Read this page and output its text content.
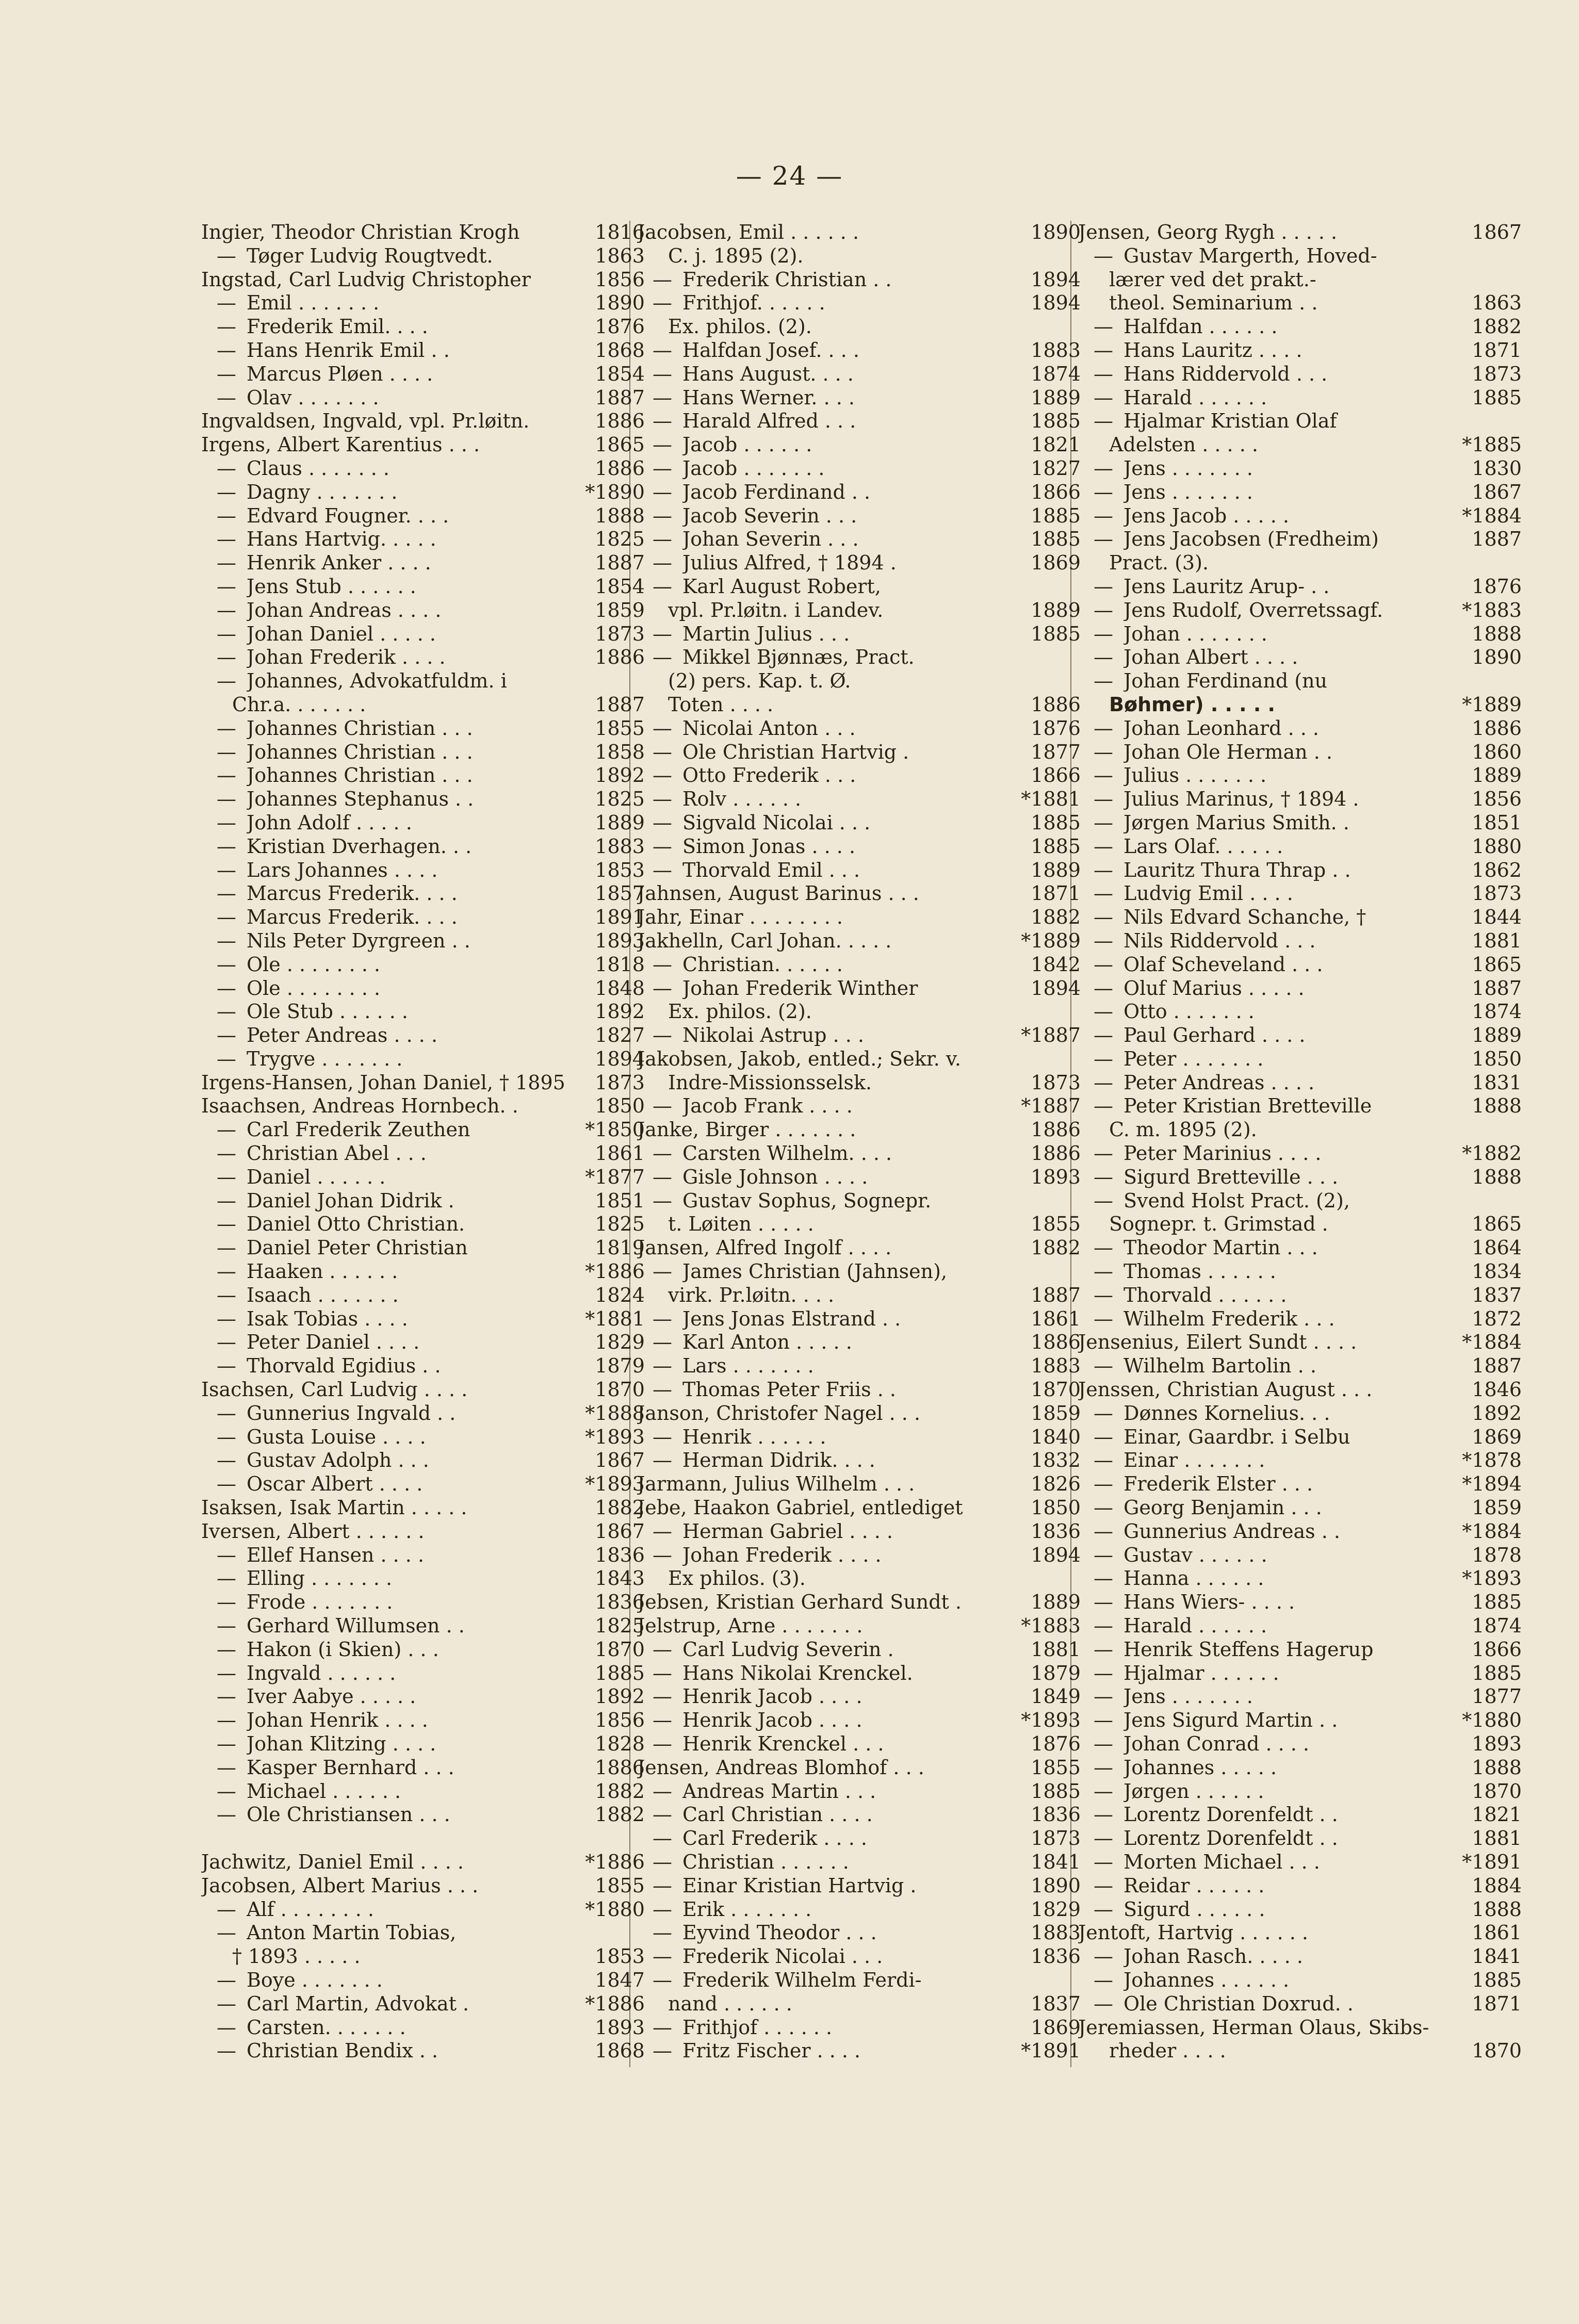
— 24 —
Ingier, Theodor Christian Krogh	1816
— Tøger Ludvig Rougtvedt.	1863
Ingstad, Carl Ludvig Christopher	1856
— Emil . . . . . . .	1890
— Frederik Emil. . . .	1876
— Hans Henrik Emil . .	1868
— Marcus Pløen . . . .	1854
— Olav . . . . . . .	1887
Ingvaldsen, Ingvald, vpl. Pr.løitn.	1886
Irgens, Albert Karentius . . .	1865
— Claus . . . . . . .	1886
— Dagny . . . . . . .	*1890
— Edvard Fougner. . . .	1888
— Hans Hartvig. . . . .	1825
— Henrik Anker . . . .	1887
— Jens Stub . . . . . .	1854
— Johan Andreas . . . .	1859
— Johan Daniel . . . . .	1873
— Johan Frederik . . . .	1886
— Johannes, Advokatfuldm. i
Chr.a. . . . . . .	1887
— Johannes Christian . . .	1855
— Johannes Christian . . .	1858
— Johannes Christian . . .	1892
— Johannes Stephanus . .	1825
— John Adolf . . . . .	1889
— Kristian Dverhagen. . .	1883
— Lars Johannes . . . .	1853
— Marcus Frederik. . . .	1857
— Marcus Frederik. . . .	1891
— Nils Peter Dyrgreen . .	1893
— Ole . . . . . . . .	1818
— Ole . . . . . . . .	1848
— Ole Stub . . . . . .	1892
— Peter Andreas . . . .	1827
— Trygve . . . . . . .	1894
Irgens-Hansen, Johan Daniel, † 1895	1873
Isaachsen, Andreas Hornbech. .	1850
— Carl Frederik Zeuthen	*1850
— Christian Abel . . .	1861
— Daniel . . . . . .	*1877
— Daniel Johan Didrik .	1851
— Daniel Otto Christian.	1825
— Daniel Peter Christian	1819
— Haaken . . . . . .	*1886
— Isaach . . . . . . .	1824
— Isak Tobias . . . .	*1881
— Peter Daniel . . . .	1829
— Thorvald Egidius . .	1879
Isachsen, Carl Ludvig . . . .	1870
— Gunnerius Ingvald . .	*1888
— Gusta Louise . . . .	*1893
— Gustav Adolph . . .	1867
— Oscar Albert . . . .	*1893
Isaksen, Isak Martin . . . . .	1882
Iversen, Albert . . . . . .	1867
— Ellef Hansen . . . .	1836
— Elling . . . . . . .	1843
— Frode . . . . . . .	1836
— Gerhard Willumsen . .	1825
— Hakon (i Skien) . . .	1870
— Ingvald . . . . . .	1885
— Iver Aabye . . . . .	1892
— Johan Henrik . . . .	1856
— Johan Klitzing . . . .	1828
— Kasper Bernhard . . .	1886
— Michael . . . . . .	1882
— Ole Christiansen . . .	1882
Jachwitz, Daniel Emil . . . .	*1886
Jacobsen, Albert Marius . . .	1855
— Alf . . . . . . . .	*1880
— Anton Martin Tobias,
† 1893 . . . . .	1853
— Boye . . . . . . .	1847
— Carl Martin, Advokat .	*1886
— Carsten. . . . . . .	1893
— Christian Bendix . .	1868
Jacobsen, Emil . . . . . .	1890
C. j. 1895 (2).
— Frederik Christian . .	1894
— Frithjof. . . . . .	1894
Ex. philos. (2).
— Halfdan Josef. . . .	1883
— Hans August. . . .	1874
— Hans Werner. . . .	1889
— Harald Alfred . . .	1885
— Jacob . . . . . .	1821
— Jacob . . . . . . .	1827
— Jacob Ferdinand . .	1866
— Jacob Severin . . .	1885
— Johan Severin . . .	1885
— Julius Alfred, † 1894 .	1869
— Karl August Robert,
vpl. Pr.løitn. i Landev.	1889
— Martin Julius . . .	1885
— Mikkel Bjønnæs, Pract.
(2) pers. Kap. t. Ø.
Toten . . . .	1886
— Nicolai Anton . . .	1876
— Ole Christian Hartvig .	1877
— Otto Frederik . . .	1866
— Rolv . . . . . .	*1881
— Sigvald Nicolai . . .	1885
— Simon Jonas . . . .	1885
— Thorvald Emil . . .	1889
Jahnsen, August Barinus . . .	1871
Jahr, Einar . . . . . . . .	1882
Jakhelln, Carl Johan. . . . .	*1889
— Christian. . . . . .	1842
— Johan Frederik Winther	1894
Ex. philos. (2).
— Nikolai Astrup . . .	*1887
Jakobsen, Jakob, entled.; Sekr. v.
Indre-Missionsselsk.	1873
— Jacob Frank . . . .	*1887
Janke, Birger . . . . . . .	1886
— Carsten Wilhelm. . . .	1886
— Gisle Johnson . . . .	1893
— Gustav Sophus, Sognepr.
t. Løiten . . . . .	1855
Jansen, Alfred Ingolf . . . .	1882
— James Christian (Jahnsen),
virk. Pr.løitn. . . .	1887
— Jens Jonas Elstrand . .	1861
— Karl Anton . . . . .	1886
— Lars . . . . . . .	1883
— Thomas Peter Friis . .	1870
Janson, Christofer Nagel . . .	1859
— Henrik . . . . . .	1840
— Herman Didrik. . . .	1832
Jarmann, Julius Wilhelm . . .	1826
Jebe, Haakon Gabriel, entlediget	1850
— Herman Gabriel . . . .	1836
— Johan Frederik . . . .	1894
Ex philos. (3).
Jebsen, Kristian Gerhard Sundt .	1889
Jelstrup, Arne . . . . . . .	*1883
— Carl Ludvig Severin .	1881
— Hans Nikolai Krenckel.	1879
— Henrik Jacob . . . .	1849
— Henrik Jacob . . . .	*1893
— Henrik Krenckel . . .	1876
Jensen, Andreas Blomhof . . .	1855
— Andreas Martin . . .	1885
— Carl Christian . . . .	1836
— Carl Frederik . . . .	1873
— Christian . . . . . .	1841
— Einar Kristian Hartvig .	1890
— Erik . . . . . . .	1829
— Eyvind Theodor . . .	1883
— Frederik Nicolai . . .	1836
— Frederik Wilhelm Ferdi-
nand . . . . . .	1837
— Frithjof . . . . . .	1869
— Fritz Fischer . . . .	*1891
Jensen, Georg Rygh . . . . .	1867
— Gustav Margerth, Hoved-
lærer ved det prakt.-
theol. Seminarium . .	1863
— Halfdan . . . . . .	1882
— Hans Lauritz . . . .	1871
— Hans Riddervold . . .	1873
— Harald . . . . . .	1885
— Hjalmar Kristian Olaf
Adelsten . . . . .	*1885
— Jens . . . . . . .	1830
— Jens . . . . . . .	1867
— Jens Jacob . . . . .	*1884
— Jens Jacobsen (Fredheim)	1887
Pract. (3).
— Jens Lauritz Arup- . .	1876
— Jens Rudolf, Overretssagf.	*1883
— Johan . . . . . . .	1888
— Johan Albert . . . .	1890
— Johan Ferdinand (nu
Bøhmer) . . . . .	*1889
— Johan Leonhard . . .	1886
— Johan Ole Herman . .	1860
— Julius . . . . . . .	1889
— Julius Marinus, † 1894 .	1856
— Jørgen Marius Smith. .	1851
— Lars Olaf. . . . . .	1880
— Lauritz Thura Thrap . .	1862
— Ludvig Emil . . . .	1873
— Nils Edvard Schanche, †	1844
— Nils Riddervold . . .	1881
— Olaf Scheveland . . .	1865
— Oluf Marius . . . . .	1887
— Otto . . . . . . .	1874
— Paul Gerhard . . . .	1889
— Peter . . . . . . .	1850
— Peter Andreas . . . .	1831
— Peter Kristian Bretteville	1888
C. m. 1895 (2).
— Peter Marinius . . . .	*1882
— Sigurd Bretteville . . .	1888
— Svend Holst Pract. (2),
Sognepr. t. Grimstad .	1865
— Theodor Martin . . .	1864
— Thomas . . . . . .	1834
— Thorvald . . . . . .	1837
— Wilhelm Frederik . . .	1872
Jensenius, Eilert Sundt . . . .	*1884
— Wilhelm Bartolin . .	1887
Jenssen, Christian August . . .	1846
— Dønnes Kornelius. . .	1892
— Einar, Gaardbr. i Selbu	1869
— Einar . . . . . . .	*1878
— Frederik Elster . . .	*1894
— Georg Benjamin . . .	1859
— Gunnerius Andreas . .	*1884
— Gustav . . . . . .	1878
— Hanna . . . . . .	*1893
— Hans Wiers- . . . .	1885
— Harald . . . . . .	1874
— Henrik Steffens Hagerup	1866
— Hjalmar . . . . . .	1885
— Jens . . . . . . .	1877
— Jens Sigurd Martin . .	*1880
— Johan Conrad . . . .	1893
— Johannes . . . . .	1888
— Jørgen . . . . . .	1870
— Lorentz Dorenfeldt . .	1821
— Lorentz Dorenfeldt . .	1881
— Morten Michael . . .	*1891
— Reidar . . . . . .	1884
— Sigurd . . . . . .	1888
Jentoft, Hartvig . . . . . .	1861
— Johan Rasch. . . . .	1841
— Johannes . . . . . .	1885
— Ole Christian Doxrud. .	1871
Jeremiassen, Herman Olaus, Skibs-
rheder . . . .	1870
